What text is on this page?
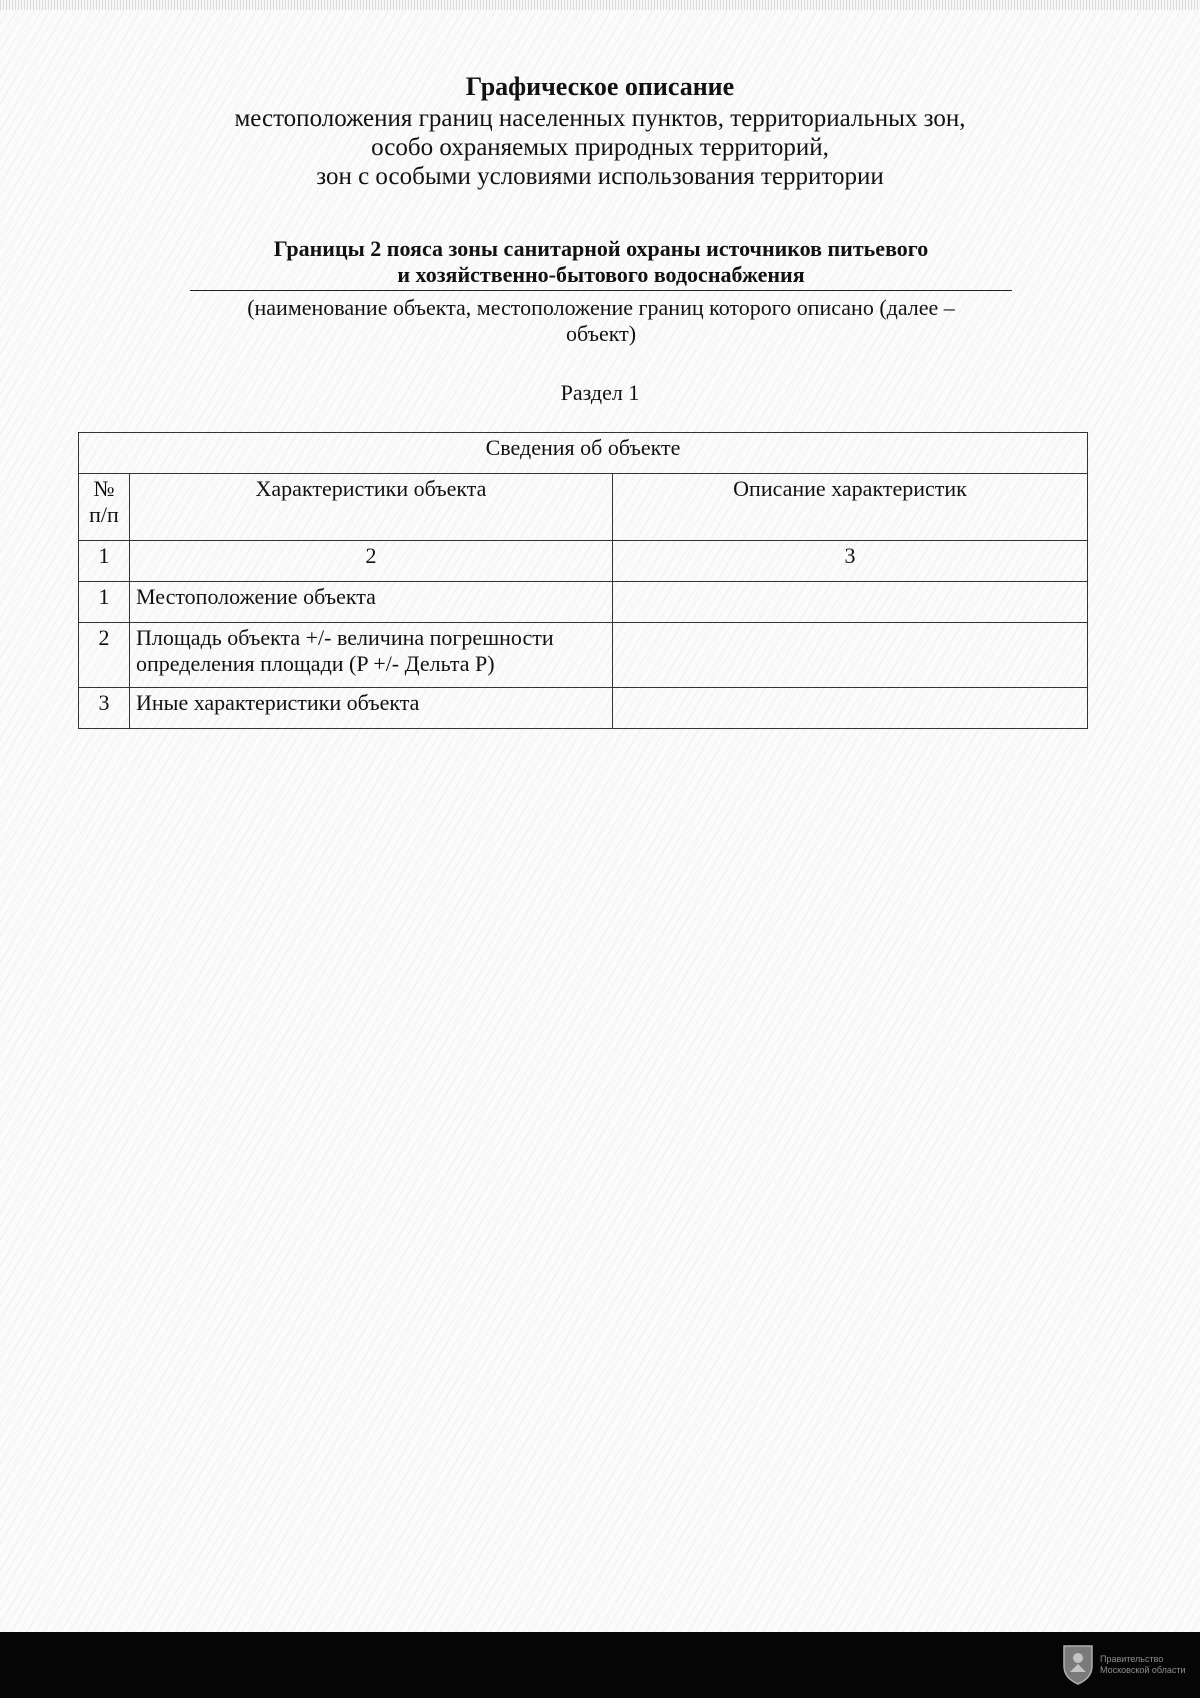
Графическое описание
местоположения границ населенных пунктов, территориальных зон,
особо охраняемых природных территорий,
зон с особыми условиями использования территории
Границы 2 пояса зоны санитарной охраны источников питьевого
и хозяйственно-бытового водоснабжения
(наименование объекта, местоположение границ которого описано (далее –
объект)
Раздел 1
Сведения об объекте		
№ п/п	Характеристики объекта	Описание характеристик
1	2	3
1	Местоположение объекта	
2	Площадь объекта +/- величина погрешности определения площади (P +/- Дельта P)	
3	Иные характеристики объекта	
Правительство
Московской области
